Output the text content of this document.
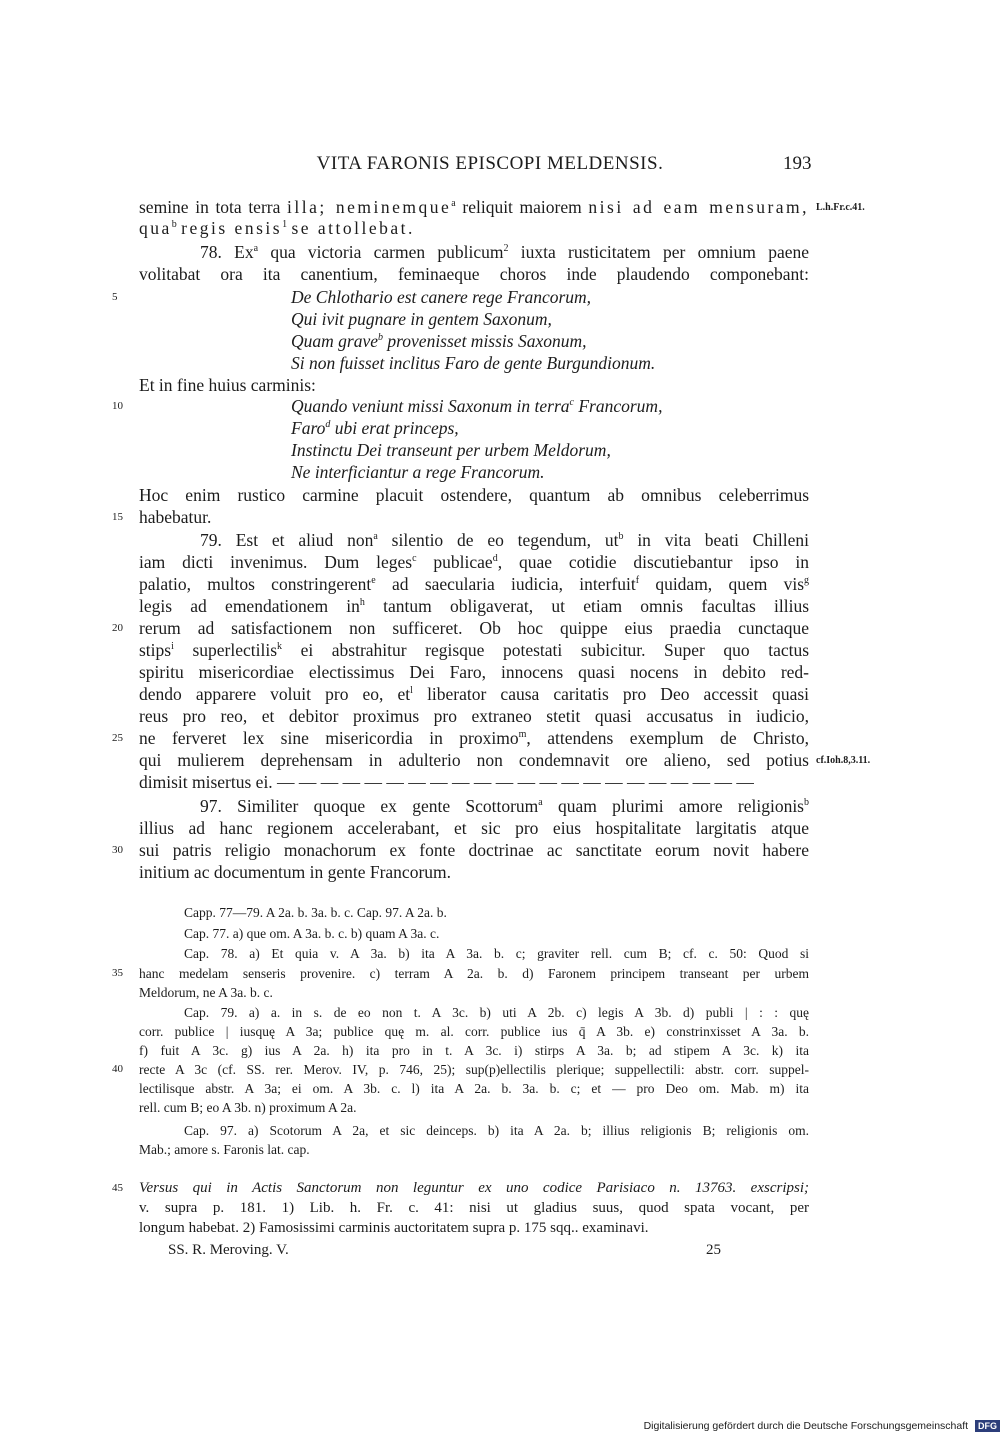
VITA FARONIS EPISCOPI MELDENSIS.	193
semine in tota terra illa; neminemque$^a$ reliquit maiorem nisi ad eam mensuram, L.h.Fr.c.41.
qua$^b$ regis ensis$^1$ se attollebat.
78. Ex$^a$ qua victoria carmen publicum$^2$ iuxta rusticitatem per omnium paene
volitabat ora ita canentium, feminaeque choros inde plaudendo componebant:
5	De Chlothario est canere rege Francorum,
Qui ivit pugnare in gentem Saxonum,
Quam grave$^b$ provenisset missis Saxonum,
Si non fuisset inclitus Faro de gente Burgundionum.
Et in fine huius carminis:
10	Quando veniunt missi Saxonum in terra$^c$ Francorum,
Faro$^d$ ubi erat princeps,
Instinctu Dei transeunt per urbem Meldorum,
Ne interficiantur a rege Francorum.
Hoc enim rustico carmine placuit ostendere, quantum ab omnibus celeberrimus
15 habebatur.
79. Est et aliud non$^a$ silentio de eo tegendum, $ut^b$ in vita beati Chilleni
iam dicti invenimus. Dum leges$^c$ publicae$^d$, quae cotidie discutiebantur ipso in
palatio, multos constringerent$^e$ ad saecularia iudicia, interfuit$^f$ quidam, quem vis$^g$
legis ad emendationem $in^h$ tantum obligaverat, ut etiam omnis facultas illius
20 rerum ad satisfactionem non sufficeret. Ob hoc quippe eius praedia cunctaque
stips$^i$ superlectilis$^k$ ei abstrahitur regisque potestati subicitur. Super quo tactus
spiritu misericordiae electissimus Dei Faro, innocens quasi nocens in debito red-
dendo apparere voluit pro eo, $et^l$ liberator causa caritatis pro Deo accessit quasi
reus pro reo, et debitor proximus pro extraneo stetit quasi accusatus in iudicio,
25 ne ferveret lex sine misericordia in proximo$^m$, attendens exemplum de Christo,
qui mulierem deprehensam in adulterio non condemnavit ore alieno, sed potius cf.Ioh.8,3.11.
dimisit misertus ei. — — — — — — — — — — — — — — — — — — — — — —
97. Similiter quoque ex gente Scottorum$^a$ quam plurimi amore religionis$^b$
illius ad hanc regionem accelerabant, et sic pro eius hospitalitate largitatis atque
30 sui patris religio monachorum ex fonte doctrinae ac sanctitate eorum novit habere
initium ac documentum in gente Francorum.
Capp. 77—79. A 2a. b. 3a. b. c. Cap. 97. A 2a. b.
Cap. 77. a) que om. A 3a. b. c. b) quam A 3a. c.
Cap. 78. a) Et quia v. A 3a. b) ita A 3a. b. c; graviter rell. cum B; cf. c. 50: Quod si
35 hanc medelam senseris provenire. c) terram A 2a. b. d) Faronem principem transeant per urbem
Meldorum, ne A 3a. b. c.
Cap. 79. a) a. in s. de eo non t. A 3c. b) uti A 2b. c) legis A 3b. d) publi | : : quę
corr. publice | iusquę A 3a; publice quę m. al. corr. publice ius q̄ A 3b. e) constrinxisset A 3a. b.
f) fuit A 3c. g) ius A 2a. h) ita pro in t. A 3c. i) stirps A 3a. b; ad stipem A 3c. k) ita
40 recte A 3c (cf. SS. rer. Merov. IV, p. 746, 25); sup(p)ellectilis plerique; suppellectili: abstr. corr. suppel-
lectilisque abstr. A 3a; ei om. A 3b. c. l) ita A 2a. b. 3a. b. c; et — pro Deo om. Mab. m) ita
rell. cum B; eo A 3b. n) proximum A 2a.
Cap. 97. a) Scotorum A 2a, et sic deinceps. b) ita A 2a. b; illius religionis B; religionis om.
Mab.; amore s. Faronis lat. cap.
45 Versus qui in Actis Sanctorum non leguntur ex uno codice Parisiaco n. 13763. exscripsi;
v. supra p. 181. 1) Lib. h. Fr. c. 41: nisi ut gladius suus, quod spata vocant, per
longum habebat. 2) Famosissimi carminis auctoritatem supra p. 175 sqq.. examinavi.
SS. R. Meroving. V.	25
Digitalisierung gefördert durch die Deutsche Forschungsgemeinschaft DFG
